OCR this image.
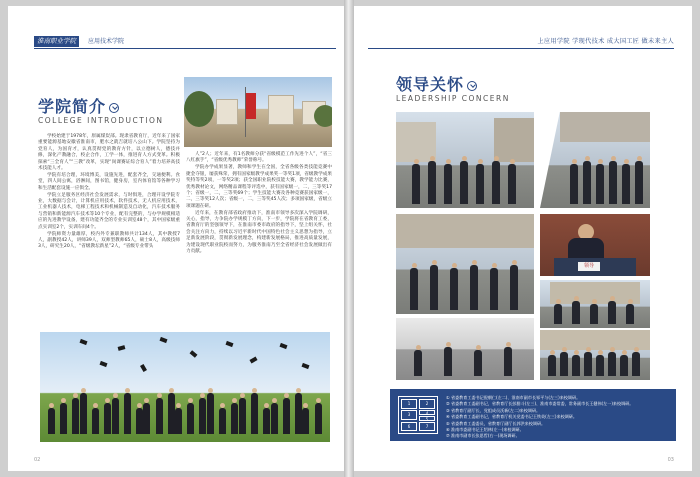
淮南职业学院	应用技术学院
学院简介
COLLEGE INTRODUCTION

学校始建于1978年，原属煤炭部。现隶省教育厅，近年来了国家重要能源基地安徽省淮南市，肥水之就吉就培八公山下。学院坚持为党育人，为国育才，认真贯彻党的教育方针，以立德树人，德技并修，深化产教融合，校企合作，工学一体，推进育人方式变革。积极探索“三全育人”“三教”改革，实现“岗课赛证综合育人”着力培养高技术技能人才。

学院有培合理，环境博美，设施先进，配套齐全，交通便利。食堂，四人间公寓，浴淋间，图书馆，健身房，室内体育馆等各种学习和生活配套设施一应俱全。

学院立足服务区经济社会发展需求，与时俱进，合理开设学院专业，大数据与会计，计算机应用技术，软件技术，无人机应用技术，工业机器人技术，电梯工程技术和机械制造及自动化，汽车技术服务与营销和新能源汽车技术等10个专业，配有完整的，与办学规模相适应的先进教学设备，建有功能齐全的专业实训室48个，其中国家级重点实训室2个，实训车间4个。

学院师资力量雄厚，校内外专兼职教师共计134人，其中教授7人，副教授42人，讲师39人，双师型教师65人，硕士8人，高级技师3人，研究生20人，“省级教坛新星”2人，“省级专业带头

人”2人；近年来，有1名教师分获“省级模范工作先进个人”，“省三八红旗手”，“省级优秀教师”荣誉称号。

学院办学成果显著，教师和学生在全国，全省各级各类技能竞赛中捷金夺银，屡获殊荣，拥有国家级教学成果奖一等奖1项，省级教学成果奖特等奖2项，一等奖2项；获全国职业院校技能大赛，教学能力比赛，优秀教材论文，网络精品课程等评选中，获有国家级一，二，三等奖17个；省级一，二，三等奖69个；学生技能大赛及各种竞赛获国家级一，二，三等奖12人次；省级一，二，三等奖45人次；多项国家级，省级立项课题在研。

近年来，在教育部省政府推动下，淮南市领导多次深入学院调研，关心，指导，力争院办学规模丁方向，下一步，学院将在省教育工委，省教育厅的坚强领导下，在淮南市委市政府的指导下，坚上组关怀，社会关注方向力，持续以习近平新时代中国特色社会主义思想为指导，立足新发展阶段，贯彻新发展理念，构建新发展格局，推进高质量发展，为建设现代职业院校而努力，为服务淮南乃至全省经济社会发展做出有力贡献。

02
上应用学院 学现代技术 成大国工匠 做未来主人
领导关怀
LEADERSHIP CONCERN
领导
1	2
3	4
5
6	7
① 省委教育工委书记倪朝仁(左二)、淮南市副市长邹平与(左三)来校调研。
② 省委教育工委副书记，省教育厅长彭腊斗(左三)、淮南市委常委，常务副市长王健伟(左一)来校调研。
③ 省教育厅副厅长、党组成员沃新(左二)来校调研。
④ 省委教育工委副书记，省教育厅机关党委书记王铁英(左三)来校调研。
⑤ 省委教育工委委员，省教育厅副厅长郭洪来校调研。
⑥ 淮南市委副书记王绍林(左一)来校调研。
⑦ 淮南市副市长张思哲(右一)现场调研。
03
